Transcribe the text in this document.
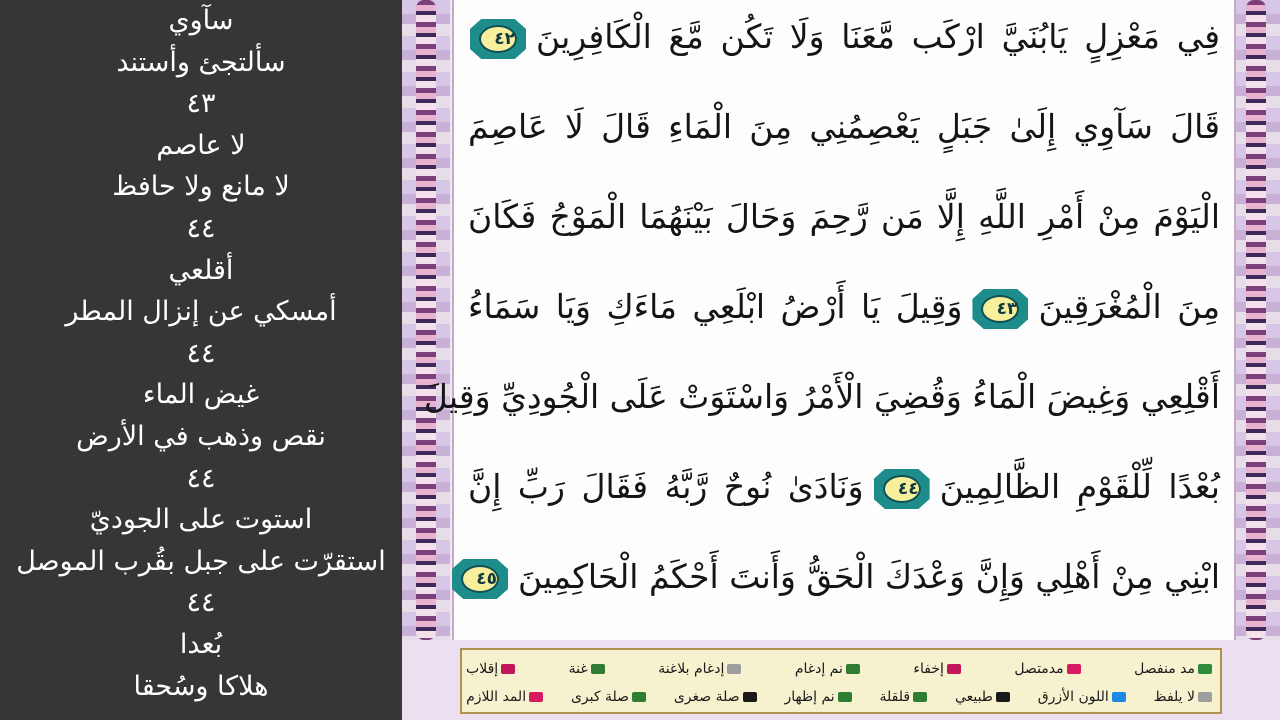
سآوي
سألتجئ وأستند
٤٣
لا عاصم
لا مانع ولا حافظ
٤٤
أقلعي
أمسكي عن إنزال المطر
٤٤
غيض الماء
نقص وذهب في الأرض
٤٤
استوت على الجوديّ
استقرّت على جبل بقُرب الموصل
٤٤
بُعدا
هلاكا وسُحقا
فِي مَعْزِلٍ يَابُنَيَّ ارْكَب مَّعَنَا وَلَا تَكُن مَّعَ الْكَافِرِينَ
٤٢
قَالَ سَآوِي إِلَىٰ جَبَلٍ يَعْصِمُنِي مِنَ الْمَاءِ قَالَ لَا عَاصِمَ
الْيَوْمَ مِنْ أَمْرِ اللَّهِ إِلَّا مَن رَّحِمَ وَحَالَ بَيْنَهُمَا الْمَوْجُ فَكَانَ
مِنَ الْمُغْرَقِينَ
٤٣
وَقِيلَ يَا أَرْضُ ابْلَعِي مَاءَكِ وَيَا سَمَاءُ
أَقْلِعِي وَغِيضَ الْمَاءُ وَقُضِيَ الْأَمْرُ وَاسْتَوَتْ عَلَى الْجُودِيِّ وَقِيلَ
بُعْدًا لِّلْقَوْمِ الظَّالِمِينَ
٤٤
وَنَادَىٰ نُوحٌ رَّبَّهُ فَقَالَ رَبِّ إِنَّ
ابْنِي مِنْ أَهْلِي وَإِنَّ وَعْدَكَ الْحَقُّ وَأَنتَ أَحْكَمُ الْحَاكِمِينَ
٤٥
مد منفصل
مدمتصل
إخفاء
نم إدغام
إدغام بلاغنة
غنة
إقلاب
لا يلفظ
اللون الأزرق
طبيعي
قلقلة
نم إظهار
صلة صغرى
صلة كبرى
المد اللازم
